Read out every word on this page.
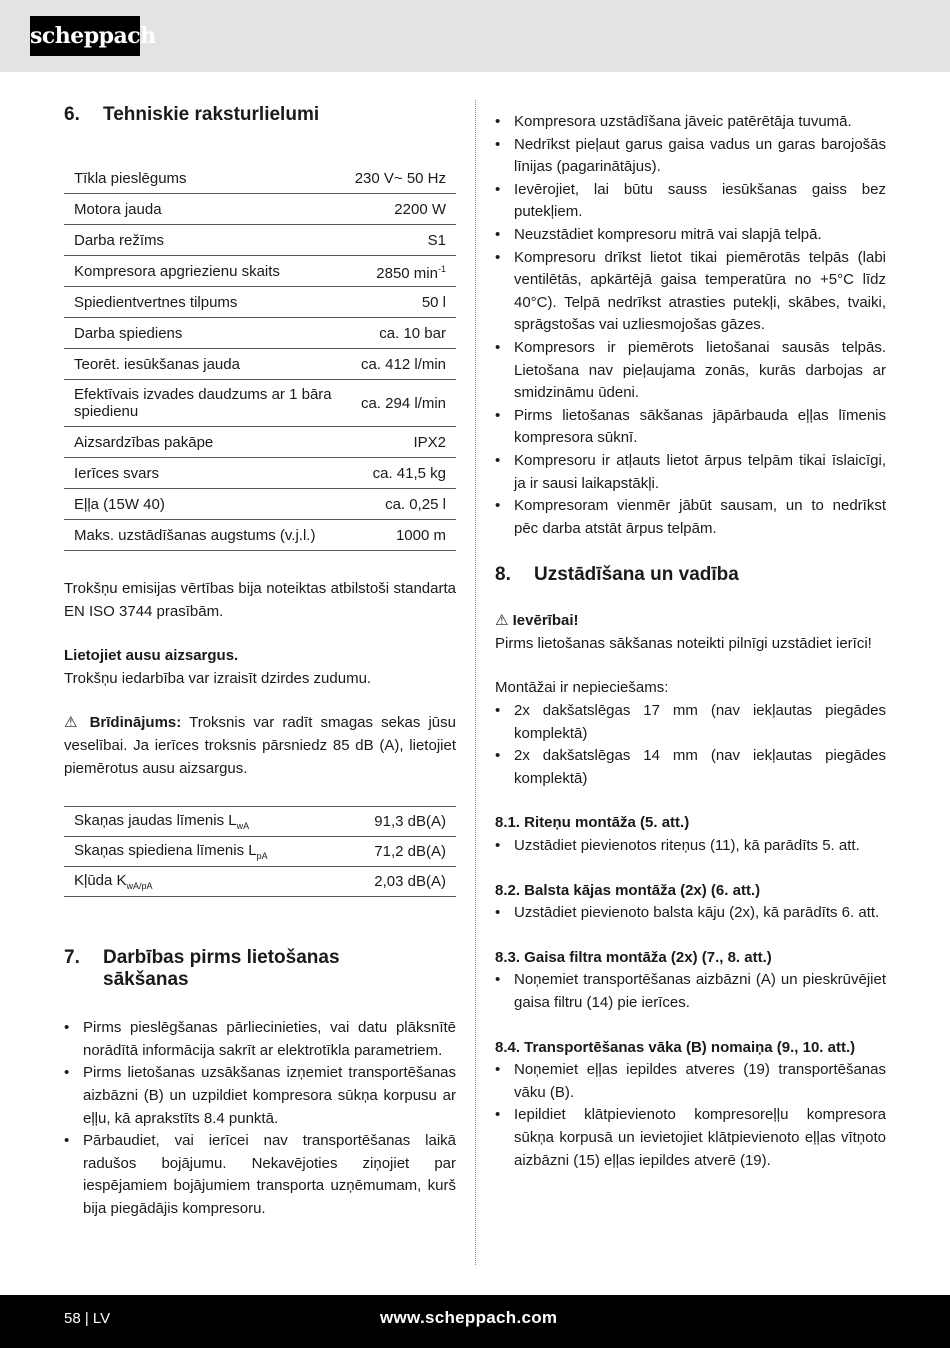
scheppach
6.	Tehniskie raksturlielumi
Tīkla pieslēgums	230 V~ 50 Hz
Motora jauda	2200 W
Darba režīms	S1
Kompresora apgriezienu skaits	2850 $\min^{-1}$
Spiedientvertnes tilpums	50 l
Darba spiediens	ca. 10 bar
Teorēt. iesūkšanas jauda	ca. 412 l/min
Efektīvais izvades daudzums ar 1 bāra spiedienu	ca. 294 l/min
Aizsardzības pakāpe	IPX2
Ierīces svars	ca. 41,5 kg
Eļļa (15W 40)	ca. 0,25 l
Maks. uzstādīšanas augstums (v.j.l.)	1000 m

Trokšņu emisijas vērtības bija noteiktas atbilstoši standarta EN ISO 3744 prasībām.

Lietojiet ausu aizsargus.

Trokšņu iedarbība var izraisīt dzirdes zudumu.

⚠ Brīdinājums: Troksnis var radīt smagas sekas jūsu veselībai. Ja ierīces troksnis pārsniedz 85 dB (A), lietojiet piemērotus ausu aizsargus.

Skaņas jaudas līmenis $L_{wA}$	91,3 dB(A)
Skaņas spiediena līmenis $L_{pA}$	71,2 dB(A)
Kļūda $K_{wA/pA}$	2,03 dB(A)
7.	Darbības pirms lietošanas
sākšanas
• Pirms pieslēgšanas pārliecinieties, vai datu plāksnītē norādītā informācija sakrīt ar elektrotīkla parametriem.
• Pirms lietošanas uzsākšanas izņemiet transportēšanas aizbāzni (B) un uzpildiet kompresora sūkņa korpusu ar eļļu, kā aprakstīts 8.4 punktā.
• Pārbaudiet, vai ierīcei nav transportēšanas laikā radušos bojājumu. Nekavējoties ziņojiet par iespējamiem bojājumiem transporta uzņēmumam, kurš bija piegādājis kompresoru.
• Kompresora uzstādīšana jāveic patērētāja tuvumā.
• Nedrīkst pieļaut garus gaisa vadus un garas barojošās līnijas (pagarinātājus).
• Ievērojiet, lai būtu sauss iesūkšanas gaiss bez putekļiem.
• Neuzstādiet kompresoru mitrā vai slapjā telpā.
• Kompresoru drīkst lietot tikai piemērotās telpās (labi ventilētās, apkārtējā gaisa temperatūra no +5°C līdz 40°C). Telpā nedrīkst atrasties putekļi, skābes, tvaiki, sprāgstošas vai uzliesmojošas gāzes.
• Kompresors ir piemērots lietošanai sausās telpās. Lietošana nav pieļaujama zonās, kurās darbojas ar smidzināmu ūdeni.
• Pirms lietošanas sākšanas jāpārbauda eļļas līmenis kompresora sūknī.
• Kompresoru ir atļauts lietot ārpus telpām tikai īslaicīgi, ja ir sausi laikapstākļi.
• Kompresoram vienmēr jābūt sausam, un to nedrīkst pēc darba atstāt ārpus telpām.
8.	Uzstādīšana un vadība

⚠ Ievērībai!

Pirms lietošanas sākšanas noteikti pilnīgi uzstādiet ierīci!

Montāžai ir nepieciešams:

• 2x dakšatslēgas 17 mm (nav iekļautas piegādes komplektā)
• 2x dakšatslēgas 14 mm (nav iekļautas piegādes komplektā)

8.1. Riteņu montāža (5. att.)

• Uzstādiet pievienotos riteņus (11), kā parādīts 5. att.

8.2. Balsta kājas montāža (2x) (6. att.)

• Uzstādiet pievienoto balsta kāju (2x), kā parādīts 6. att.

8.3. Gaisa filtra montāža (2x) (7., 8. att.)

• Noņemiet transportēšanas aizbāzni (A) un pieskrūvējiet gaisa filtru (14) pie ierīces.

8.4. Transportēšanas vāka (B) nomaiņa (9., 10. att.)

• Noņemiet eļļas iepildes atveres (19) transportēšanas vāku (B).
• Iepildiet klātpievienoto kompresoreļļu kompresora sūkņa korpusā un ievietojiet klātpievienoto eļļas vītņoto aizbāzni (15) eļļas iepildes atverē (19).
58 | LV	www.scheppach.com
